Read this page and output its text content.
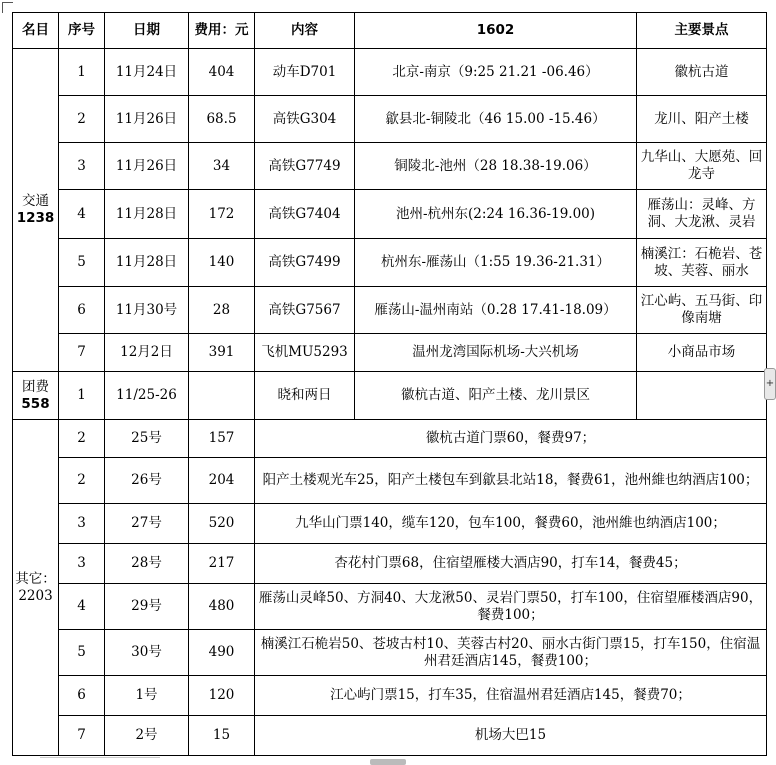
名目	序号	日期	费用：元	内容	1602	主要景点
交通
1238	1	11月24日	404	动车D701	北京-南京（9:25 21.21 -06.46）	徽杭古道
	2	11月26日	68.5	高铁G304	歙县北-铜陵北（46 15.00 -15.46）	龙川、阳产土楼
	3	11月26日	34	高铁G7749	铜陵北-池州（28 18.38-19.06）	九华山、大愿苑、回龙寺
	4	11月28日	172	高铁G7404	池州-杭州东(2:24 16.36-19.00)	雁荡山：灵峰、方洞、大龙湫、灵岩
	5	11月28日	140	高铁G7499	杭州东-雁荡山（1:55 19.36-21.31）	楠溪江：石桅岩、苍坡、芙蓉、丽水
	6	11月30号	28	高铁G7567	雁荡山-温州南站（0.28 17.41-18.09）	江心屿、五马街、印像南塘
	7	12月2日	391	飞机MU5293	温州龙湾国际机场-大兴机场	小商品市场
团费
558	1	11/25-26		晓和两日	徽杭古道、阳产土楼、龙川景区	
其它：
2203	2	25号	157	徽杭古道门票60，餐费97；		
	2	26号	204	阳产土楼观光车25，阳产土楼包车到歙县北站18，餐费61，池州維也纳酒店100；		
	3	27号	520	九华山门票140，缆车120，包车100，餐费60，池州維也纳酒店100；		
	3	28号	217	杏花村门票68，住宿望雁楼大酒店90，打车14，餐费45；		
	4	29号	480	雁荡山灵峰50、方洞40、大龙湫50、灵岩门票50，打车100，住宿望雁楼酒店90，餐费100；		
	5	30号	490	楠溪江石桅岩50、苍坡古村10、芙蓉古村20、丽水古街门票15，打车150，住宿温州君廷酒店145，餐费100；		
	6	1号	120	江心屿门票15，打车35，住宿温州君廷酒店145，餐费70；		
	7	2号	15	机场大巴15		
+
